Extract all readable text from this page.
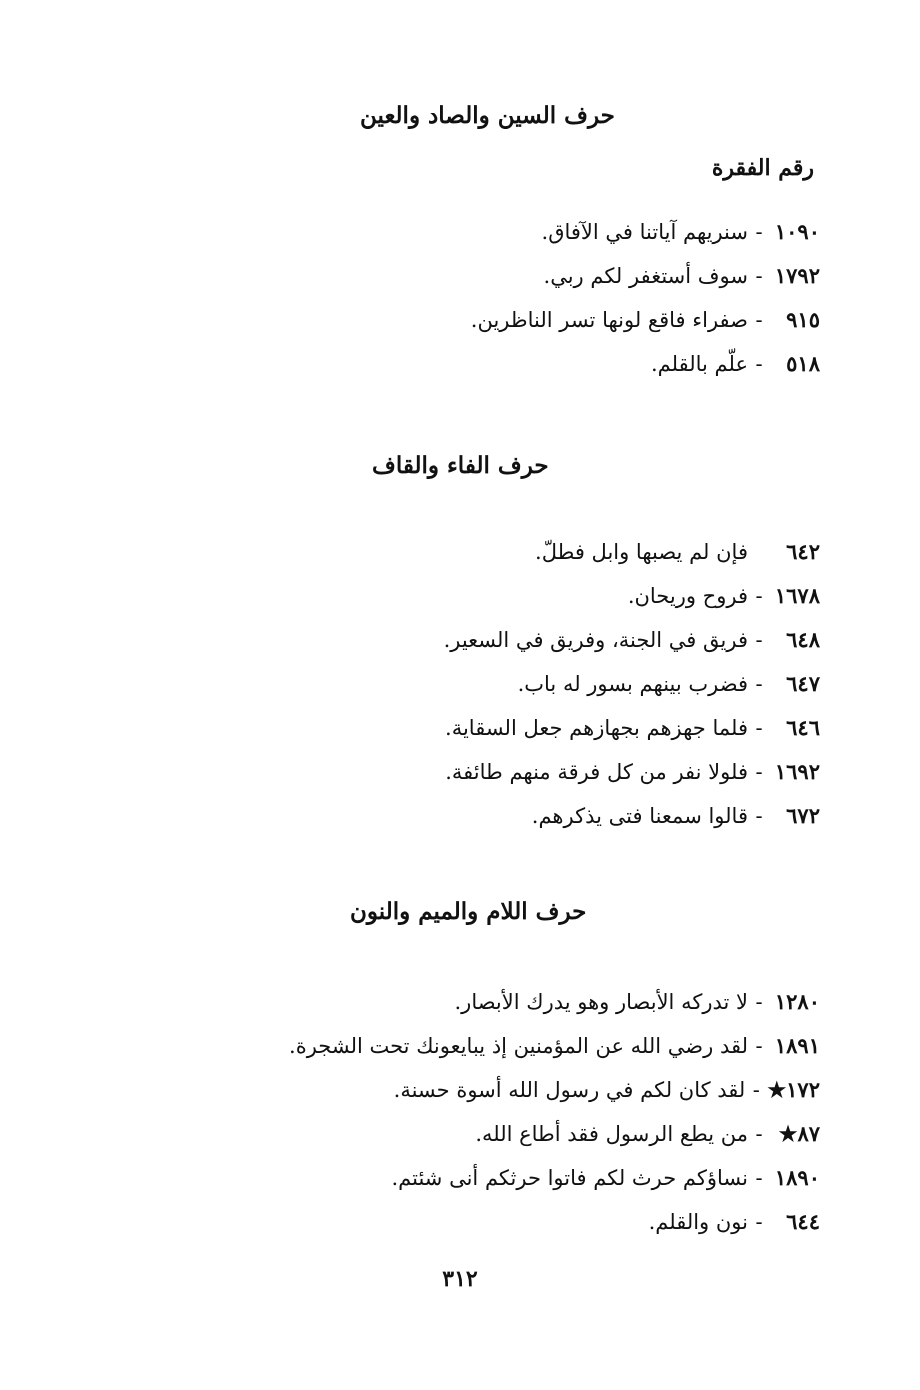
حرف السين والصاد والعين
رقم الفقرة
١٠٩٠
-
سنريهم آياتنا في الآفاق.
١٧٩٢
-
سوف أستغفر لكم ربي.
٩١٥
-
صفراء فاقع لونها تسر الناظرين.
٥١٨
-
علّم بالقلم.
حرف الفاء والقاف
٦٤٢
فإن لم يصبها وابل فطلّ.
١٦٧٨
-
فروح وريحان.
٦٤٨
-
فريق في الجنة، وفريق في السعير.
٦٤٧
-
فضرب بينهم بسور له باب.
٦٤٦
-
فلما جهزهم بجهازهم جعل السقاية.
١٦٩٢
-
فلولا نفر من كل فرقة منهم طائفة.
٦٧٢
-
قالوا سمعنا فتى يذكرهم.
حرف اللام والميم والنون
١٢٨٠
-
لا تدركه الأبصار وهو يدرك الأبصار.
١٨٩١
-
لقد رضي الله عن المؤمنين إذ يبايعونك تحت الشجرة.
١٧٢★
-
لقد كان لكم في رسول الله أسوة حسنة.
٨٧★
-
من يطع الرسول فقد أطاع الله.
١٨٩٠
-
نساؤكم حرث لكم فاتوا حرثكم أنى شئتم.
٦٤٤
-
نون والقلم.
٣١٢
